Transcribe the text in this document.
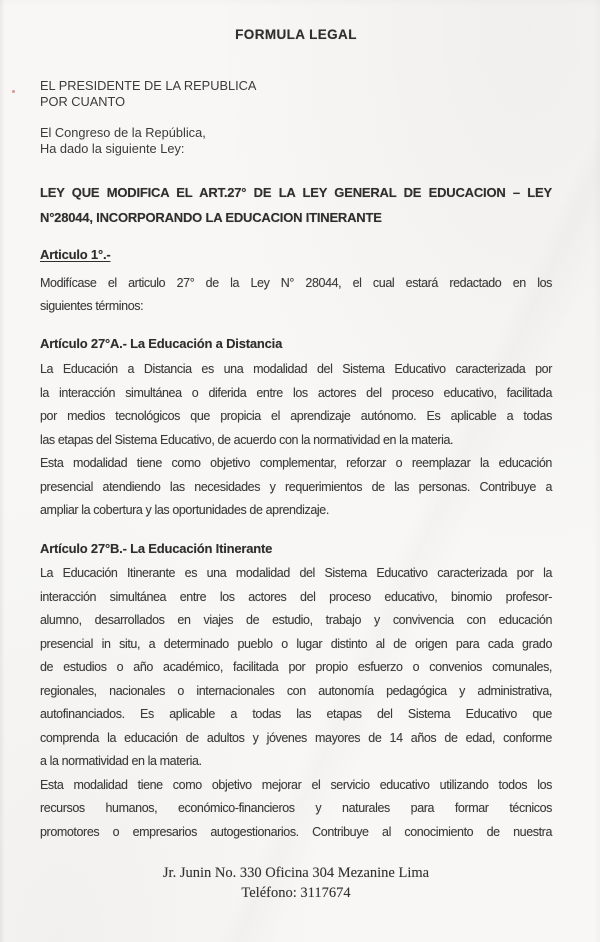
FORMULA LEGAL
EL PRESIDENTE DE LA REPUBLICA
POR CUANTO
El Congreso de la República,
Ha dado la siguiente Ley:
LEY QUE MODIFICA EL ART.27° DE LA LEY GENERAL DE EDUCACION – LEY
N°28044, INCORPORANDO LA EDUCACION ITINERANTE
Articulo 1°.-
Modifícase el articulo 27° de la Ley N° 28044, el cual estará redactado en los
siguientes términos:
Artículo 27°A.- La Educación a Distancia
La Educación a Distancia es una modalidad del Sistema Educativo caracterizada por
la interacción simultánea o diferida entre los actores del proceso educativo, facilitada
por medios tecnológicos que propicia el aprendizaje autónomo. Es aplicable a todas
las etapas del Sistema Educativo, de acuerdo con la normatividad en la materia.
Esta modalidad tiene como objetivo complementar, reforzar o reemplazar la educación
presencial atendiendo las necesidades y requerimientos de las personas. Contribuye a
ampliar la cobertura y las oportunidades de aprendizaje.
Artículo 27°B.- La Educación Itinerante
La Educación Itinerante es una modalidad del Sistema Educativo caracterizada por la
interacción simultánea entre los actores del proceso educativo, binomio profesor-
alumno, desarrollados en viajes de estudio, trabajo y convivencia con educación
presencial in situ, a determinado pueblo o lugar distinto al de origen para cada grado
de estudios o año académico, facilitada por propio esfuerzo o convenios comunales,
regionales, nacionales o internacionales con autonomía pedagógica y administrativa,
autofinanciados. Es aplicable a todas las etapas del Sistema Educativo que
comprenda la educación de adultos y jóvenes mayores de 14 años de edad, conforme
a la normatividad en la materia.
Esta modalidad tiene como objetivo mejorar el servicio educativo utilizando todos los
recursos humanos, económico-financieros y naturales para formar técnicos
promotores o empresarios autogestionarios. Contribuye al conocimiento de nuestra
Jr. Junin No. 330 Oficina 304 Mezanine Lima
Teléfono: 3117674
